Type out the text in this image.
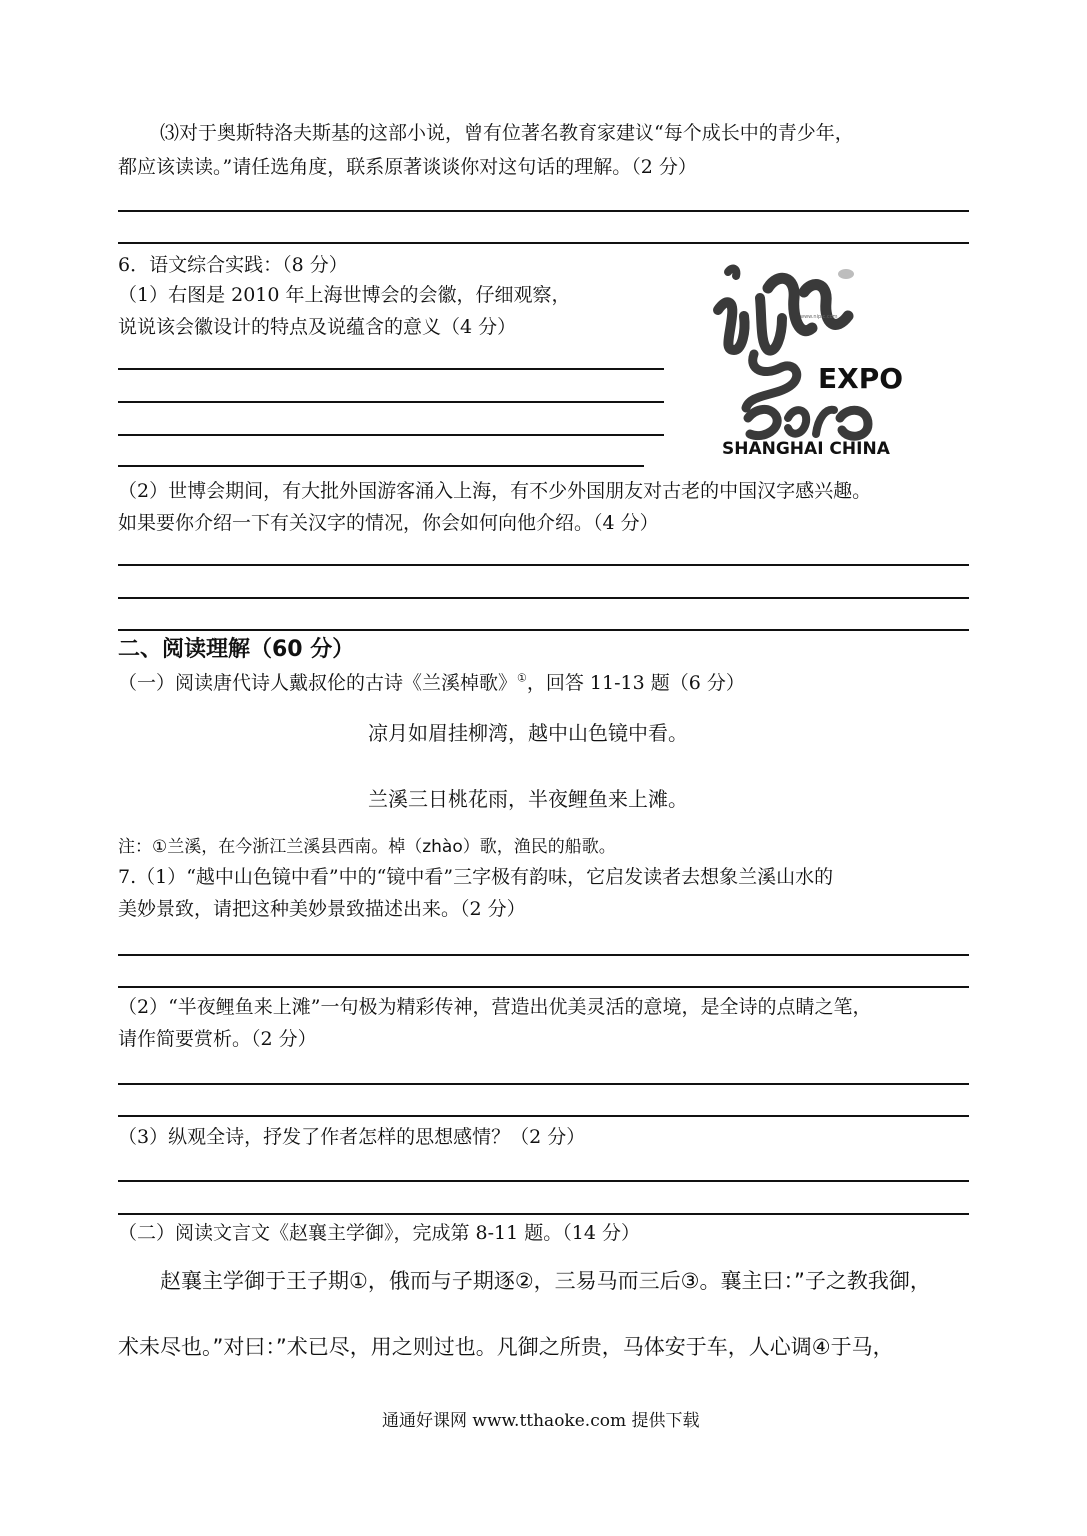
⑶对于奥斯特洛夫斯基的这部小说，曾有位著名教育家建议“每个成长中的青少年，
都应该读读。”请任选角度，联系原著谈谈你对这句话的理解。（2 分）
6．语文综合实践：（8 分）
（1）右图是 2010 年上海世博会的会徽，仔细观察，
说说该会徽设计的特点及说蕴含的意义（4 分）	www.nipic.com
EXPO
SHANGHAI CHINA
（2）世博会期间，有大批外国游客涌入上海，有不少外国朋友对古老的中国汉字感兴趣。
如果要你介绍一下有关汉字的情况，你会如何向他介绍。（4 分）
二、阅读理解（60 分）
（一）阅读唐代诗人戴叔伦的古诗《兰溪棹歌》①，回答 11-13 题（6 分）
凉月如眉挂柳湾，越中山色镜中看。
兰溪三日桃花雨，半夜鲤鱼来上滩。
注：①兰溪，在今浙江兰溪县西南。棹（zhào）歌，渔民的船歌。
7.（1）“越中山色镜中看”中的“镜中看”三字极有韵味，它启发读者去想象兰溪山水的
美妙景致，请把这种美妙景致描述出来。（2 分）
（2）“半夜鲤鱼来上滩”一句极为精彩传神，营造出优美灵活的意境，是全诗的点睛之笔，
请作简要赏析。（2 分）
（3）纵观全诗，抒发了作者怎样的思想感情？（2 分）
（二）阅读文言文《赵襄主学御》，完成第 8-11 题。（14 分）
赵襄主学御于王子期①，俄而与子期逐②，三易马而三后③。襄主曰：”子之教我御，
术未尽也。”对曰：”术已尽，用之则过也。凡御之所贵，马体安于车，人心调④于马，
通通好课网 www.tthaoke.com 提供下载
